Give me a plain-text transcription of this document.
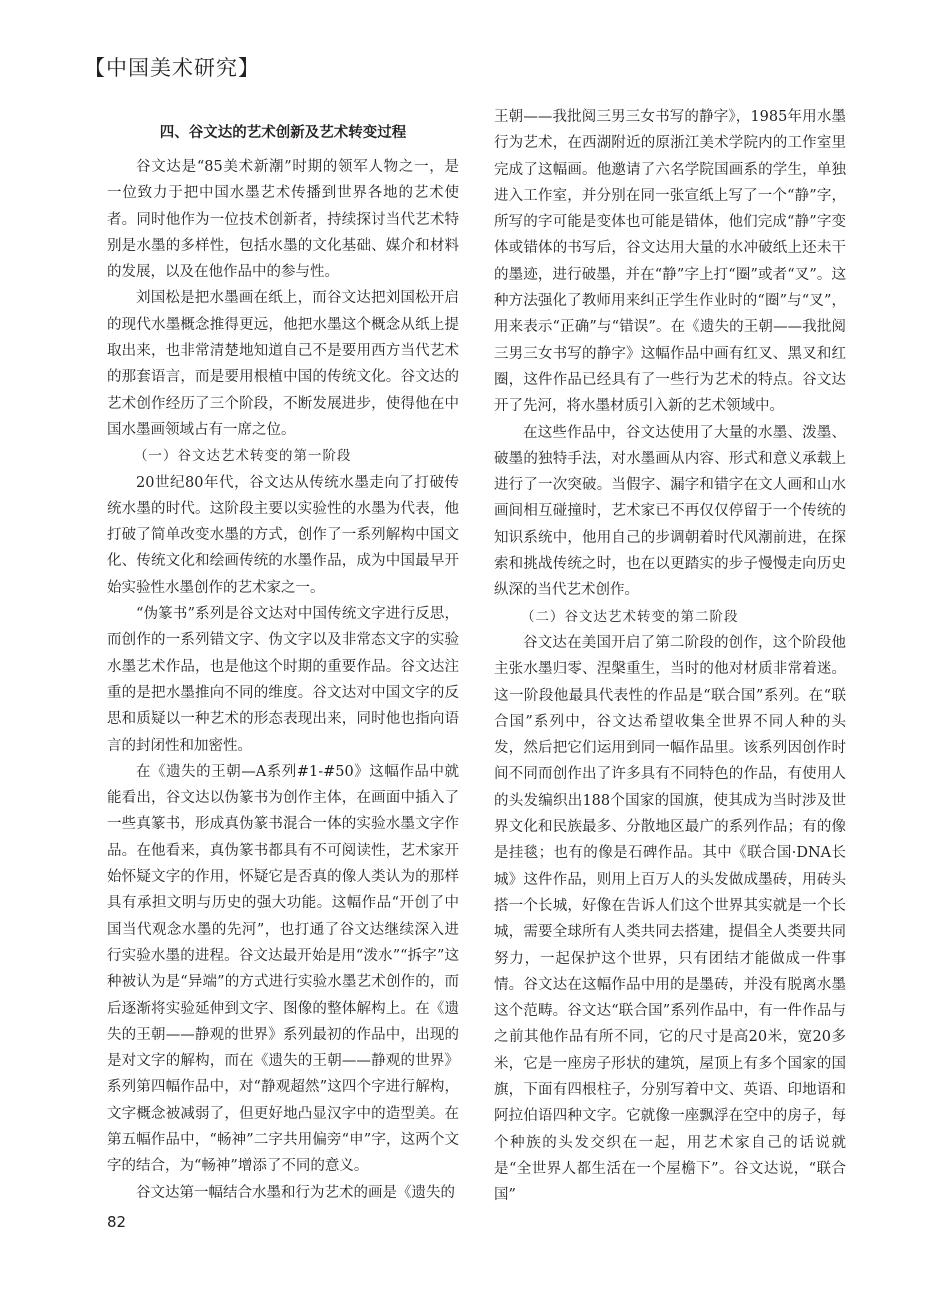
【中国美术研究】
四、谷文达的艺术创新及艺术转变过程

谷文达是“85美术新潮”时期的领军人物之一，是一位致力于把中国水墨艺术传播到世界各地的艺术使者。同时他作为一位技术创新者，持续探讨当代艺术特别是水墨的多样性，包括水墨的文化基础、媒介和材料的发展，以及在他作品中的参与性。

刘国松是把水墨画在纸上，而谷文达把刘国松开启的现代水墨概念推得更远，他把水墨这个概念从纸上提取出来，也非常清楚地知道自己不是要用西方当代艺术的那套语言，而是要用根植中国的传统文化。谷文达的艺术创作经历了三个阶段，不断发展进步，使得他在中国水墨画领域占有一席之位。

（一）谷文达艺术转变的第一阶段

20世纪80年代，谷文达从传统水墨走向了打破传统水墨的时代。这阶段主要以实验性的水墨为代表，他打破了简单改变水墨的方式，创作了一系列解构中国文化、传统文化和绘画传统的水墨作品，成为中国最早开始实验性水墨创作的艺术家之一。

“伪篆书”系列是谷文达对中国传统文字进行反思，而创作的一系列错文字、伪文字以及非常态文字的实验水墨艺术作品，也是他这个时期的重要作品。谷文达注重的是把水墨推向不同的维度。谷文达对中国文字的反思和质疑以一种艺术的形态表现出来，同时他也指向语言的封闭性和加密性。

在《遗失的王朝—A系列#1-#50》这幅作品中就能看出，谷文达以伪篆书为创作主体，在画面中插入了一些真篆书，形成真伪篆书混合一体的实验水墨文字作品。在他看来，真伪篆书都具有不可阅读性，艺术家开始怀疑文字的作用，怀疑它是否真的像人类认为的那样具有承担文明与历史的强大功能。这幅作品“开创了中国当代观念水墨的先河”，也打通了谷文达继续深入进行实验水墨的进程。谷文达最开始是用“泼水”“拆字”这种被认为是“异端”的方式进行实验水墨艺术创作的，而后逐渐将实验延伸到文字、图像的整体解构上。在《遗失的王朝——静观的世界》系列最初的作品中，出现的是对文字的解构，而在《遗失的王朝——静观的世界》系列第四幅作品中，对“静观超然”这四个字进行解构，文字概念被减弱了，但更好地凸显汉字中的造型美。在第五幅作品中，“畅神”二字共用偏旁“申”字，这两个文字的结合，为“畅神”增添了不同的意义。

谷文达第一幅结合水墨和行为艺术的画是《遗失的

王朝——我批阅三男三女书写的静字》，1985年用水墨行为艺术，在西湖附近的原浙江美术学院内的工作室里完成了这幅画。他邀请了六名学院国画系的学生，单独进入工作室，并分别在同一张宣纸上写了一个“静”字，所写的字可能是变体也可能是错体，他们完成“静”字变体或错体的书写后，谷文达用大量的水冲破纸上还未干的墨迹，进行破墨，并在“静”字上打“圈”或者“叉”。这种方法强化了教师用来纠正学生作业时的“圈”与“叉”，用来表示“正确”与“错误”。在《遗失的王朝——我批阅三男三女书写的静字》这幅作品中画有红叉、黑叉和红圈，这件作品已经具有了一些行为艺术的特点。谷文达开了先河，将水墨材质引入新的艺术领域中。

在这些作品中，谷文达使用了大量的水墨、泼墨、破墨的独特手法，对水墨画从内容、形式和意义承载上进行了一次突破。当假字、漏字和错字在文人画和山水画间相互碰撞时，艺术家已不再仅仅停留于一个传统的知识系统中，他用自己的步调朝着时代风潮前进，在探索和挑战传统之时，也在以更踏实的步子慢慢走向历史纵深的当代艺术创作。

（二）谷文达艺术转变的第二阶段

谷文达在美国开启了第二阶段的创作，这个阶段他主张水墨归零、涅槃重生，当时的他对材质非常着迷。这一阶段他最具代表性的作品是“联合国”系列。在“联合国”系列中，谷文达希望收集全世界不同人种的头发，然后把它们运用到同一幅作品里。该系列因创作时间不同而创作出了许多具有不同特色的作品，有使用人的头发编织出188个国家的国旗，使其成为当时涉及世界文化和民族最多、分散地区最广的系列作品；有的像是挂毯；也有的像是石碑作品。其中《联合国·DNA长城》这件作品，则用上百万人的头发做成墨砖，用砖头搭一个长城，好像在告诉人们这个世界其实就是一个长城，需要全球所有人类共同去搭建，提倡全人类要共同努力，一起保护这个世界，只有团结才能做成一件事情。谷文达在这幅作品中用的是墨砖，并没有脱离水墨这个范畴。谷文达“联合国”系列作品中，有一件作品与之前其他作品有所不同，它的尺寸是高20米，宽20多米，它是一座房子形状的建筑，屋顶上有多个国家的国旗，下面有四根柱子，分别写着中文、英语、印地语和阿拉伯语四种文字。它就像一座飘浮在空中的房子，每个种族的头发交织在一起，用艺术家自己的话说就是“全世界人都生活在一个屋檐下”。谷文达说，“联合国”

82
